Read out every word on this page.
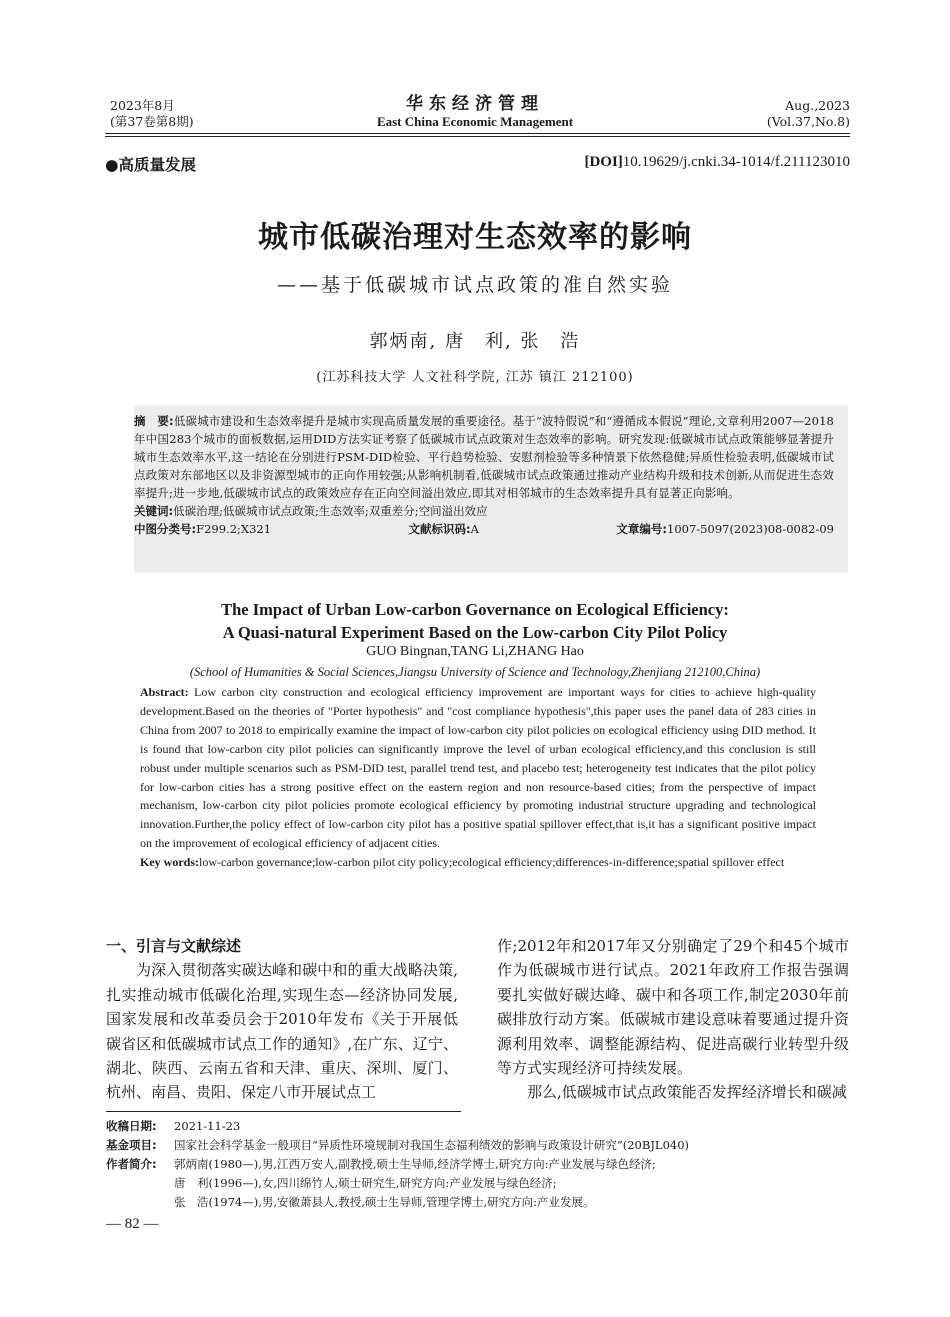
2023年8月
(第37卷第8期)
华东经济管理
East China Economic Management
Aug.,2023
(Vol.37,No.8)
●高质量发展	[DOI]10.19629/j.cnki.34-1014/f.211123010
城市低碳治理对生态效率的影响
——基于低碳城市试点政策的准自然实验
郭炳南, 唐　利, 张　浩
(江苏科技大学 人文社科学院, 江苏 镇江 212100)
摘　要:低碳城市建设和生态效率提升是城市实现高质量发展的重要途径。基于“波特假说”和“遵循成本假说”理论,文章利用2007—2018年中国283个城市的面板数据,运用DID方法实证考察了低碳城市试点政策对生态效率的影响。研究发现:低碳城市试点政策能够显著提升城市生态效率水平,这一结论在分别进行PSM-DID检验、平行趋势检验、安慰剂检验等多种情景下依然稳健;异质性检验表明,低碳城市试点政策对东部地区以及非资源型城市的正向作用较强;从影响机制看,低碳城市试点政策通过推动产业结构升级和技术创新,从而促进生态效率提升;进一步地,低碳城市试点的政策效应存在正向空间溢出效应,即其对相邻城市的生态效率提升具有显著正向影响。
关键词:低碳治理;低碳城市试点政策;生态效率;双重差分;空间溢出效应
中图分类号:F299.2;X321	文献标识码:A	文章编号:1007-5097(2023)08-0082-09
The Impact of Urban Low-carbon Governance on Ecological Efficiency:
A Quasi-natural Experiment Based on the Low-carbon City Pilot Policy
GUO Bingnan,TANG Li,ZHANG Hao
(School of Humanities & Social Sciences,Jiangsu University of Science and Technology,Zhenjiang 212100,China)
Abstract: Low carbon city construction and ecological efficiency improvement are important ways for cities to achieve high-quality development.Based on the theories of "Porter hypothesis" and "cost compliance hypothesis",this paper uses the panel data of 283 cities in China from 2007 to 2018 to empirically examine the impact of low-carbon city pilot policies on ecological efficiency using DID method. It is found that low-carbon city pilot policies can significantly improve the level of urban ecological efficiency,and this conclusion is still robust under multiple scenarios such as PSM-DID test, parallel trend test, and placebo test; heterogeneity test indicates that the pilot policy for low-carbon cities has a strong positive effect on the eastern region and non resource-based cities; from the perspective of impact mechanism, low-carbon city pilot policies promote ecological efficiency by promoting industrial structure upgrading and technological innovation.Further,the policy effect of low-carbon city pilot has a positive spatial spillover effect,that is,it has a significant positive impact on the improvement of ecological efficiency of adjacent cities.
Key words:low-carbon governance;low-carbon pilot city policy;ecological efficiency;differences-in-difference;spatial spillover effect
一、引言与文献综述
为深入贯彻落实碳达峰和碳中和的重大战略决策,扎实推动城市低碳化治理,实现生态—经济协同发展,国家发展和改革委员会于2010年发布《关于开展低碳省区和低碳城市试点工作的通知》,在广东、辽宁、湖北、陕西、云南五省和天津、重庆、深圳、厦门、杭州、南昌、贵阳、保定八市开展试点工
作;2012年和2017年又分别确定了29个和45个城市作为低碳城市进行试点。2021年政府工作报告强调要扎实做好碳达峰、碳中和各项工作,制定2030年前碳排放行动方案。低碳城市建设意味着要通过提升资源利用效率、调整能源结构、促进高碳行业转型升级等方式实现经济可持续发展。
那么,低碳城市试点政策能否发挥经济增长和碳减
收稿日期:	2021-11-23
基金项目:	国家社会科学基金一般项目“异质性环境规制对我国生态福利绩效的影响与政策设计研究”(20BJL040)
作者简介:	郭炳南(1980—),男,江西万安人,副教授,硕士生导师,经济学博士,研究方向:产业发展与绿色经济;
唐　利(1996—),女,四川绵竹人,硕士研究生,研究方向:产业发展与绿色经济;
张　浩(1974—),男,安徽萧县人,教授,硕士生导师,管理学博士,研究方向:产业发展。
— 82 —
